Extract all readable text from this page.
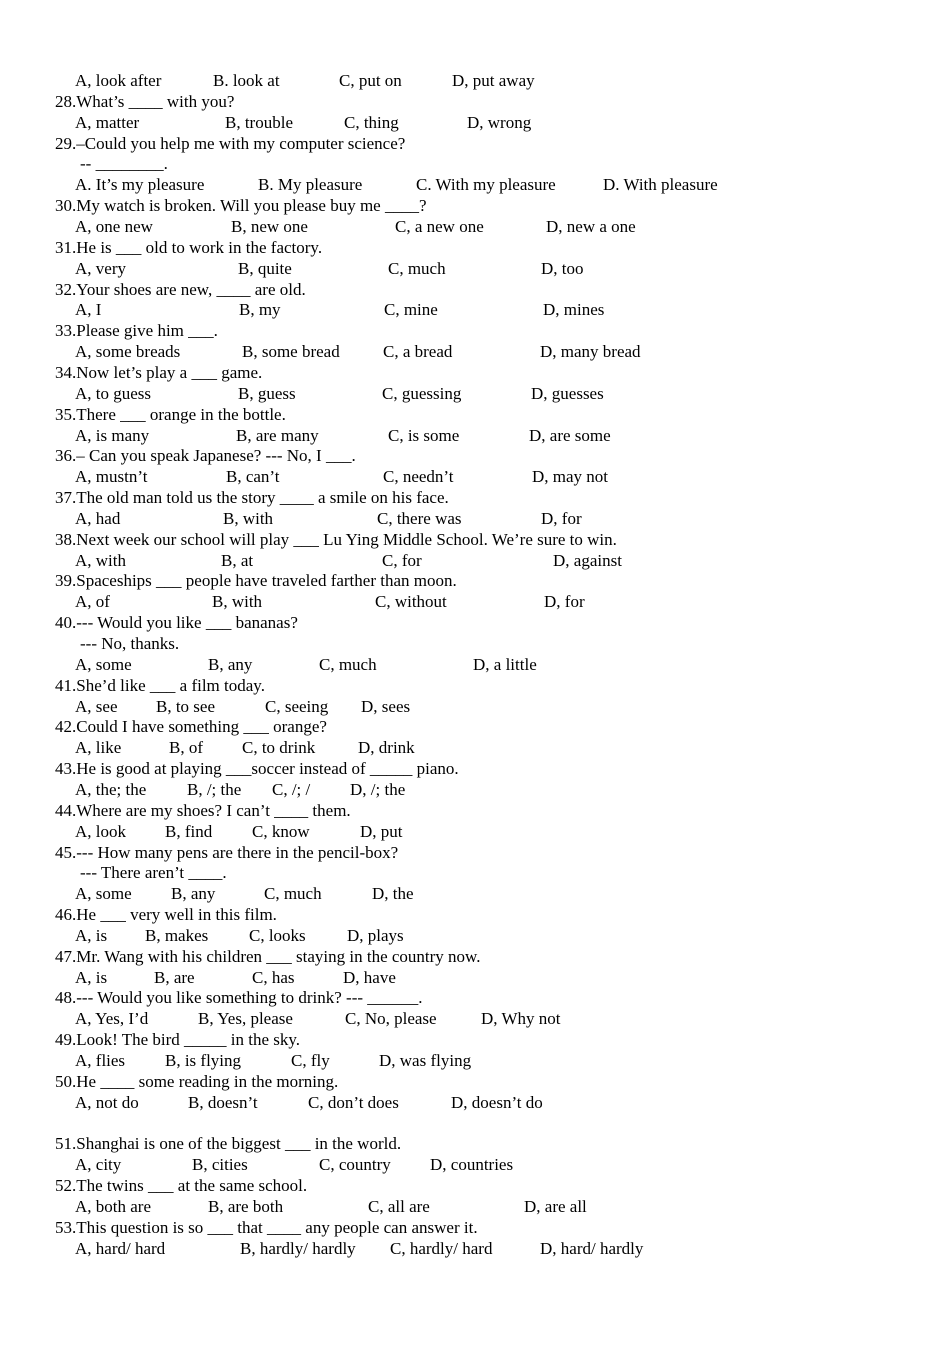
A, look after	B. look at	C, put on	D, put away
28.What’s ____ with you?
A, matter	B, trouble	C, thing	D, wrong
29.–Could you help me with my computer science?
-- ________.
A. It’s my pleasure	B. My pleasure	C. With my pleasure	D. With pleasure
30.My watch is broken. Will you please buy me ____?
A, one new	B, new one	C, a new one	D, new a one
31.He is ___ old to work in the factory.
A, very	B, quite	C, much	D, too
32.Your shoes are new, ____ are old.
A, I	B, my	C, mine	D, mines
33.Please give him ___.
A, some breads	B, some bread	C, a bread	D, many bread
34.Now let’s play a ___ game.
A, to guess	B, guess	C, guessing	D, guesses
35.There ___ orange in the bottle.
A, is many	B, are many	C, is some	D, are some
36.– Can you speak Japanese? --- No, I ___.
A, mustn’t	B, can’t	C, needn’t	D, may not
37.The old man told us the story ____ a smile on his face.
A, had	B, with	C, there was	D, for
38.Next week our school will play ___ Lu Ying Middle School. We’re sure to win.
A, with	B, at	C, for	D, against
39.Spaceships ___ people have traveled farther than moon.
A, of	B, with	C, without	D, for
40.--- Would you like ___ bananas?
--- No, thanks.
A, some	B, any	C, much	D, a little
41.She’d like ___ a film today.
A, see B, to see	C, seeing D, sees
42.Could I have something ___ orange?
A, like	B, of C, to drink	D, drink
43.He is good at playing ___soccer instead of _____ piano.
A, the; the B, /; the C, /; / D, /; the
44.Where are my shoes? I can’t ____ them.
A, look B, find C, know	D, put
45.--- How many pens are there in the pencil-box?
--- There aren’t ____.
A, some B, any	C, much	D, the
46.He ___ very well in this film.
A, is B, makes C, looks D, plays
47.Mr. Wang with his children ___ staying in the country now.
A, is	B, are	C, has	D, have
48.--- Would you like something to drink? --- ______.
A, Yes, I’d	B, Yes, please	C, No, please	D, Why not
49.Look! The bird _____ in the sky.
A, flies B, is flying	C, fly	D, was flying
50.He ____ some reading in the morning.
A, not do	B, doesn’t	C, don’t does	D, doesn’t do
51.Shanghai is one of the biggest ___ in the world.
A, city	B, cities	C, country D, countries
52.The twins ___ at the same school.
A, both are	B, are both	C, all are	D, are all
53.This question is so ___ that ____ any people can answer it.
A, hard/ hard	B, hardly/ hardly C, hardly/ hard	D, hard/ hardly
